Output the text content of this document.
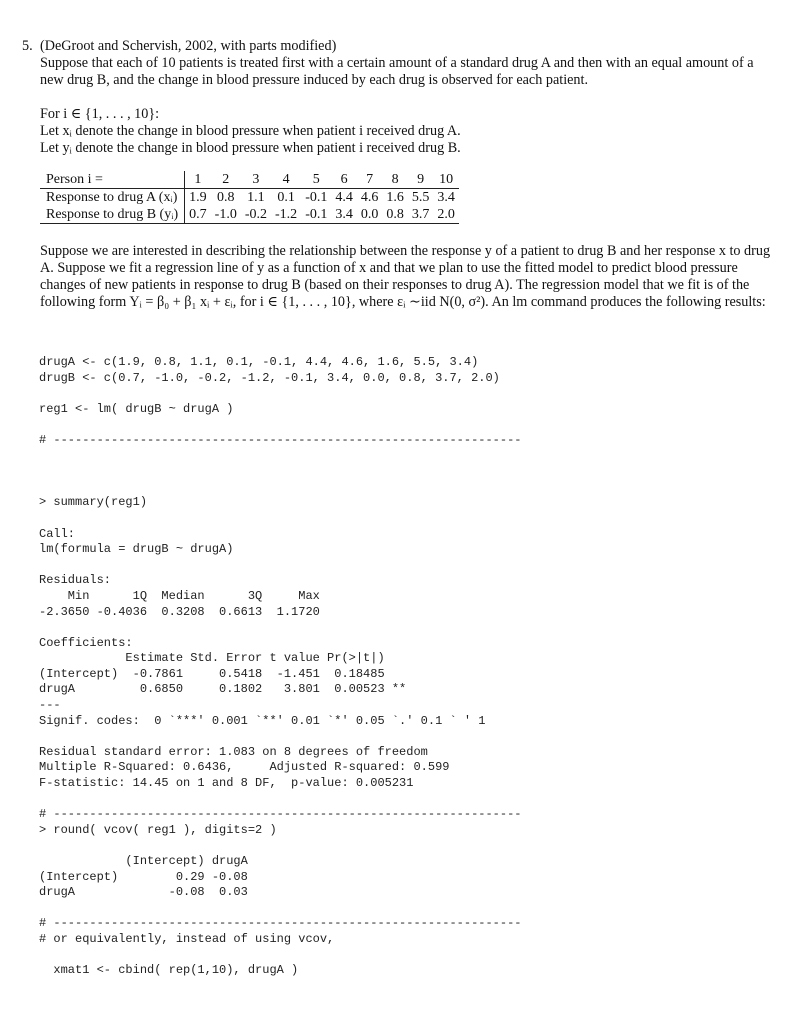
5. (DeGroot and Schervish, 2002, with parts modified)

Suppose that each of 10 patients is treated first with a certain amount of a standard drug A and then with an equal amount of a new drug B, and the change in blood pressure induced by each drug is observed for each patient.

For i ∈ {1, . . . , 10}:

Let xᵢ denote the change in blood pressure when patient i received drug A.

Let yᵢ denote the change in blood pressure when patient i received drug B.

Person i =	1	2	3	4	5	6	7	8	9	10
Response to drug A (xᵢ)	1.9	0.8	1.1	0.1	-0.1	4.4	4.6	1.6	5.5	3.4
Response to drug B (yᵢ)	0.7	-1.0	-0.2	-1.2	-0.1	3.4	0.0	0.8	3.7	2.0

Suppose we are interested in describing the relationship between the response y of a patient to drug B and her response x to drug A. Suppose we fit a regression line of y as a function of x and that we plan to use the fitted model to predict blood pressure changes of new patients in response to drug B (based on their responses to drug A). The regression model that we fit is of the following form Yᵢ = β₀ + β₁ xᵢ + εᵢ, for i ∈ {1, . . . , 10}, where εᵢ ∼iid N(0, σ²). An lm command produces the following results:

drugA <- c(1.9, 0.8, 1.1, 0.1, -0.1, 4.4, 4.6, 1.6, 5.5, 3.4)
drugB <- c(0.7, -1.0, -0.2, -1.2, -0.1, 3.4, 0.0, 0.8, 3.7, 2.0)

reg1 <- lm( drugB ~ drugA )

# -----------------------------------------------------------------

> summary(reg1)

Call:
lm(formula = drugB ~ drugA)

Residuals:
Min      1Q  Median      3Q     Max
-2.3650 -0.4036  0.3208  0.6613  1.1720

Coefficients:
Estimate Std. Error t value Pr(>|t|)
(Intercept)  -0.7861     0.5418  -1.451  0.18485
drugA         0.6850     0.1802   3.801  0.00523 **
---
Signif. codes:  0 `***' 0.001 `**' 0.01 `*' 0.05 `.' 0.1 ` ' 1

Residual standard error: 1.083 on 8 degrees of freedom
Multiple R-Squared: 0.6436,     Adjusted R-squared: 0.599
F-statistic: 14.45 on 1 and 8 DF,  p-value: 0.005231

# -----------------------------------------------------------------
> round( vcov( reg1 ), digits=2 )

(Intercept) drugA
(Intercept)        0.29 -0.08
drugA             -0.08  0.03

# -----------------------------------------------------------------
# or equivalently, instead of using vcov,

xmat1 <- cbind( rep(1,10), drugA )
